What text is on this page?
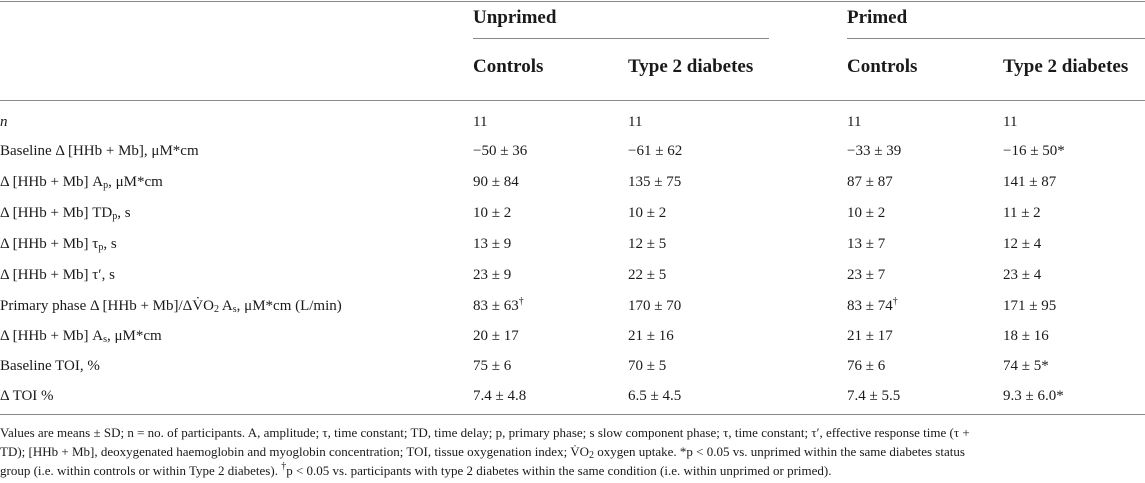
Unprimed	Primed
Controls	Type 2 diabetes	Controls	Type 2 diabetes
n	11	11	11	11
Baseline Δ [HHb + Mb], μM*cm	−50 ± 36	−61 ± 62	−33 ± 39	−16 ± 50*
Δ [HHb + Mb] $A_p$, μM*cm	90 ± 84	135 ± 75	87 ± 87	141 ± 87
Δ [HHb + Mb] $TD_p$, s	10 ± 2	10 ± 2	10 ± 2	11 ± 2
Δ [HHb + Mb] $\tau_p$, s	13 ± 9	12 ± 5	13 ± 7	12 ± 4
Δ [HHb + Mb] τ′, s	23 ± 9	22 ± 5	23 ± 7	23 ± 4
Primary phase Δ $[HHb + Mb]/\Delta V̇O_2$ $A_s$, μM*cm (L/min)	83 ± 63†	170 ± 70	83 ± 74†	171 ± 95
Δ [HHb + Mb] $A_s$, μM*cm	20 ± 17	21 ± 16	21 ± 17	18 ± 16
Baseline TOI, %	75 ± 6	70 ± 5	76 ± 6	74 ± 5*
Δ TOI %	7.4 ± 4.8	6.5 ± 4.5	7.4 ± 5.5	9.3 ± 6.0*

Values are means ± SD; n = no. of participants. A, amplitude; τ, time constant; TD, time delay; p, primary phase; s slow component phase; τ, time constant; τ′, effective response time (τ +

TD); [HHb + Mb], deoxygenated haemoglobin and myoglobin concentration; TOI, tissue oxygenation index; $V̇O_2$ oxygen uptake. *p < 0.05 vs. unprimed within the same diabetes status

group (i.e. within controls or within Type 2 diabetes). †p < 0.05 vs. participants with type 2 diabetes within the same condition (i.e. within unprimed or primed).
